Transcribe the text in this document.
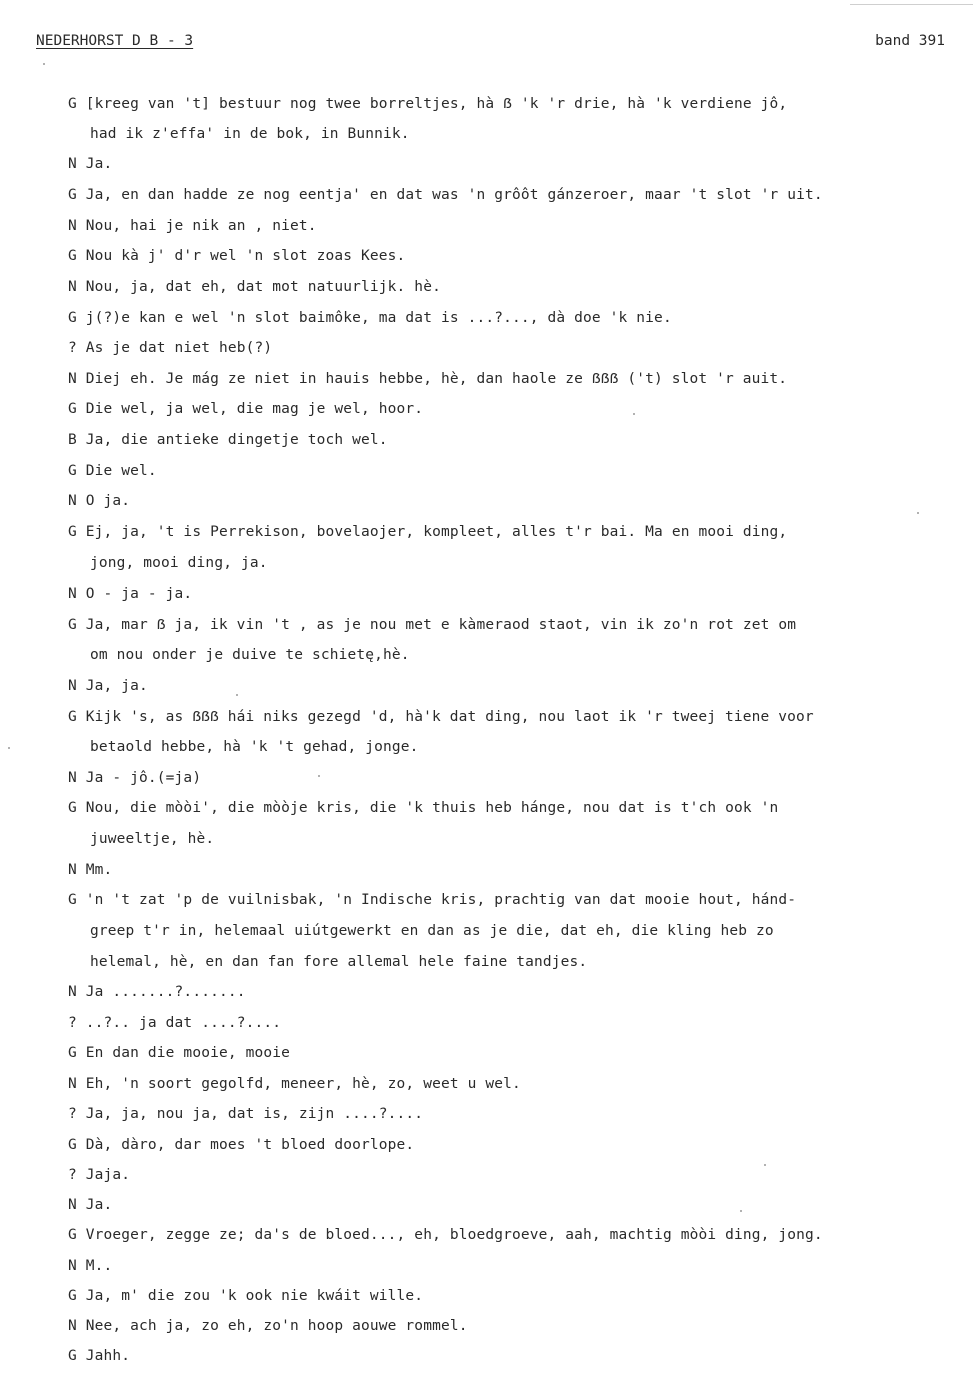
NEDERHORST D B - 3	band 391
G [kreeg van 't] bestuur nog twee borreltjes, hà ẞ 'k 'r drie, hà 'k verdiene jô,
had ik z'effa' in de bok, in Bunnik.
N Ja.
G Ja, en dan hadde ze nog eentja' en dat was 'n grôôt gánzeroer, maar 't slot 'r uit.
N Nou, hai je nik an , niet.
G Nou kà j' d'r wel 'n slot zoas Kees.
N Nou, ja, dat eh, dat mot natuurlijk. hè.
G j(?)e kan e wel 'n slot baimôke, ma dat is ...?..., dà doe 'k nie.
? As je dat niet heb(?)
N Diej eh. Je mág ze niet in hauis hebbe, hè, dan haole ze ẞẞẞ ('t) slot 'r auit.
G Die wel, ja wel, die mag je wel, hoor.
B Ja, die antieke dingetje toch wel.
G Die wel.
N O ja.
G Ej, ja, 't is Perrekison, bovelaojer, kompleet, alles t'r bai. Ma en mooi ding,
jong, mooi ding, ja.
N O - ja - ja.
G Ja, mar ẞ ja, ik vin 't , as je nou met e kàmeraod staot, vin ik zo'n rot zet om
om nou onder je duive te schietę,hè.
N Ja, ja.
G Kijk 's, as ẞẞẞ hái niks gezegd 'd, hà'k dat ding, nou laot ik 'r tweej tiene voor
betaold hebbe, hà 'k 't gehad, jonge.
N Ja - jô.(=ja)
G Nou, die mòòi', die mòòje kris, die 'k thuis heb hánge, nou dat is t'ch ook 'n
juweeltje, hè.
N Mm.
G 'n 't zat 'p de vuilnisbak, 'n Indische kris, prachtig van dat mooie hout, hánd-
greep t'r in, helemaal uiútgewerkt en dan as je die, dat eh, die kling heb zo
helemal, hè, en dan fan fore allemal hele faine tandjes.
N Ja .......?.......
? ..?.. ja dat ....?....
G En dan die mooie, mooie
N Eh, 'n soort gegolfd, meneer, hè, zo, weet u wel.
? Ja, ja, nou ja, dat is, zijn ....?....
G Dà, dàro, dar moes 't bloed doorlope.
? Jaja.
N Ja.
G Vroeger, zegge ze; da's de bloed..., eh, bloedgroeve, aah, machtig mòòi ding, jong.
N M..
G Ja, m' die zou 'k ook nie kwáit wille.
N Nee, ach ja, zo eh, zo'n hoop aouwe rommel.
G Jahh.
